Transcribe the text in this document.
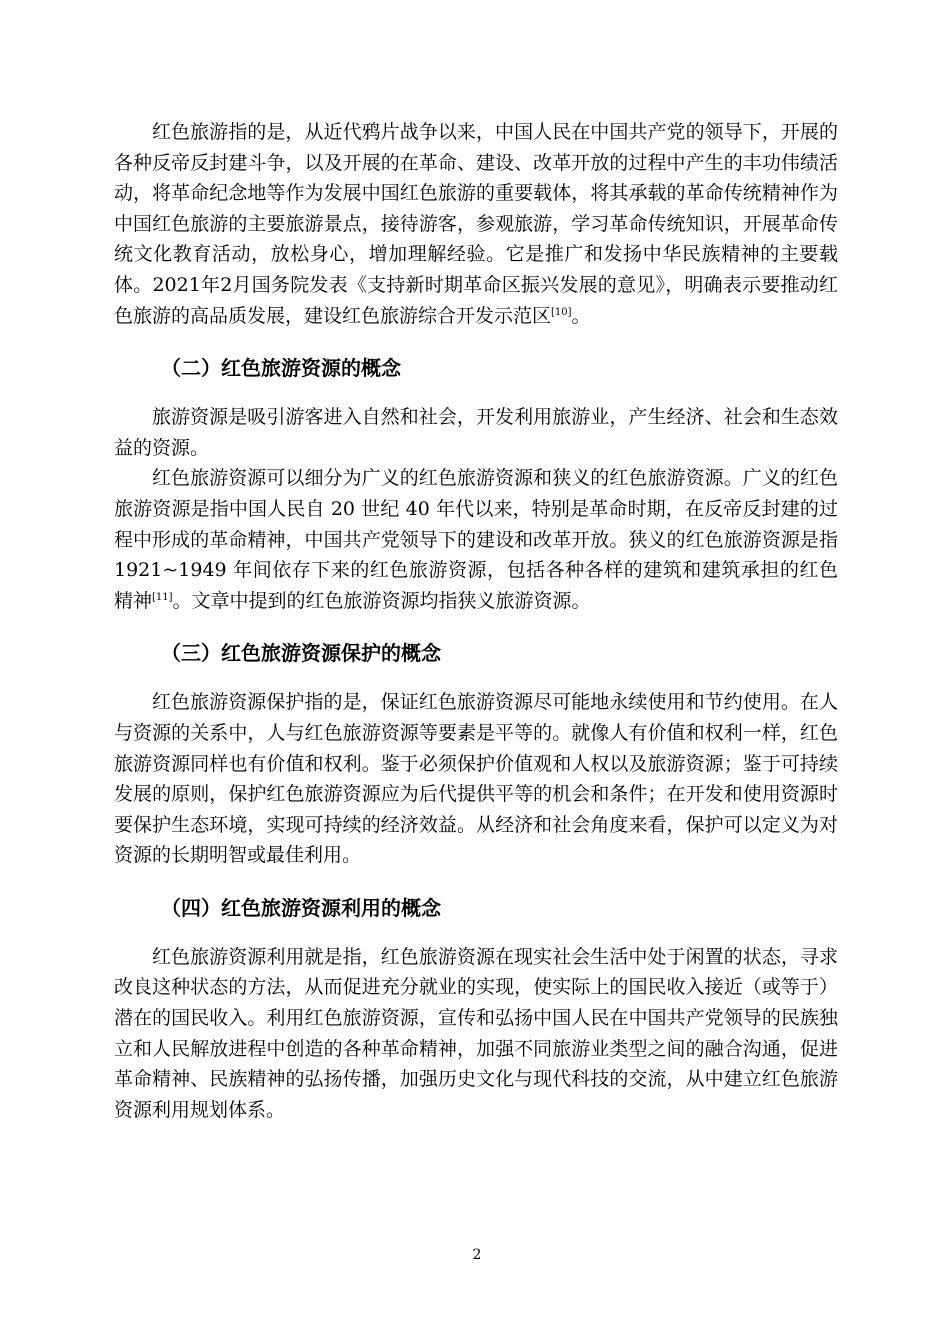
红色旅游指的是，从近代鸦片战争以来，中国人民在中国共产党的领导下，开展的各种反帝反封建斗争，以及开展的在革命、建设、改革开放的过程中产生的丰功伟绩活动，将革命纪念地等作为发展中国红色旅游的重要载体，将其承载的革命传统精神作为中国红色旅游的主要旅游景点，接待游客，参观旅游，学习革命传统知识，开展革命传统文化教育活动，放松身心，增加理解经验。它是推广和发扬中华民族精神的主要载体。2021年2月国务院发表《支持新时期革命区振兴发展的意见》，明确表示要推动红色旅游的高品质发展，建设红色旅游综合开发示范区[10]。

（二）红色旅游资源的概念

旅游资源是吸引游客进入自然和社会，开发利用旅游业，产生经济、社会和生态效益的资源。

红色旅游资源可以细分为广义的红色旅游资源和狭义的红色旅游资源。广义的红色旅游资源是指中国人民自 20 世纪 40 年代以来，特别是革命时期，在反帝反封建的过程中形成的革命精神，中国共产党领导下的建设和改革开放。狭义的红色旅游资源是指 1921~1949 年间依存下来的红色旅游资源，包括各种各样的建筑和建筑承担的红色精神[11]。文章中提到的红色旅游资源均指狭义旅游资源。

（三）红色旅游资源保护的概念

红色旅游资源保护指的是，保证红色旅游资源尽可能地永续使用和节约使用。在人与资源的关系中，人与红色旅游资源等要素是平等的。就像人有价值和权利一样，红色旅游资源同样也有价值和权利。鉴于必须保护价值观和人权以及旅游资源；鉴于可持续发展的原则，保护红色旅游资源应为后代提供平等的机会和条件；在开发和使用资源时要保护生态环境，实现可持续的经济效益。从经济和社会角度来看，保护可以定义为对资源的长期明智或最佳利用。

（四）红色旅游资源利用的概念

红色旅游资源利用就是指，红色旅游资源在现实社会生活中处于闲置的状态，寻求改良这种状态的方法，从而促进充分就业的实现，使实际上的国民收入接近（或等于）潜在的国民收入。利用红色旅游资源，宣传和弘扬中国人民在中国共产党领导的民族独立和人民解放进程中创造的各种革命精神，加强不同旅游业类型之间的融合沟通，促进革命精神、民族精神的弘扬传播，加强历史文化与现代科技的交流，从中建立红色旅游资源利用规划体系。

2
